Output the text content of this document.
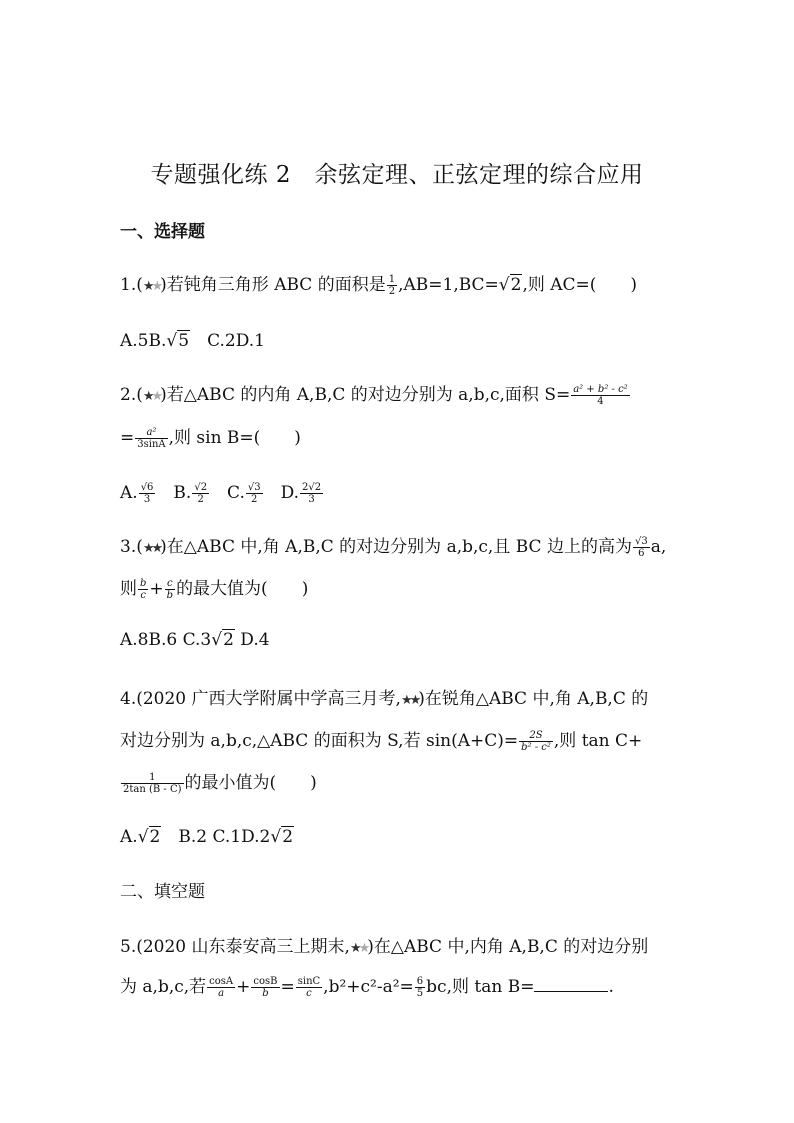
专题强化练 2　余弦定理、正弦定理的综合应用
一、选择题
1.(★★)若钝角三角形 ABC 的面积是 $\frac{1}{2} ,AB=1,BC=√2$,则 AC=(　　)
A.5B.√5　C.2D.1
2.(★★)若△ABC 的内角 A,B,C 的对边分别为 a,b,c,面积 $S= \frac{\text{a² + b² - c²}}{4}$
= $\frac{\text{a²}}{3\sin A}$ ,则 sin B=(　　)
A. $\frac{√6}{3}$ 　B. $\frac{√2}{2}$ 　C. $\frac{√3}{2}$ 　D. $\frac{2√2}{3}$
3.(★★)在△ABC 中,角 A,B,C 的对边分别为 a,b,c,且 BC 边上的高为 $\frac{√3}{6} a$,
则 $\frac{b}{c} + \frac{c}{b}$ 的最大值为(　　)
A.8B.6 C.3√2 D.4
4.(2020 广西大学附属中学高三月考,★★)在锐角△ABC 中,角 A,B,C 的
对边分别为 a,b,c,△ABC 的面积为 S,若 $\sin(A+C)= \frac{2S}{\text{b² - c²}}$ ,则 tan C+
$\frac{1}{2\tan (B - C)}$ 的最小值为(　　)
A.√2　B.2 C.1D.2√2
二、填空题
5.(2020 山东泰安高三上期末,★★)在△ABC 中,内角 A,B,C 的对边分别
为 a,b,c,若 $\frac{\cos A}{a} + \frac{\cos B}{b} = \frac{\sin C}{c} ,b^2+c^2-a^2= \frac{6}{5}$ bc,则 tan B=	.
